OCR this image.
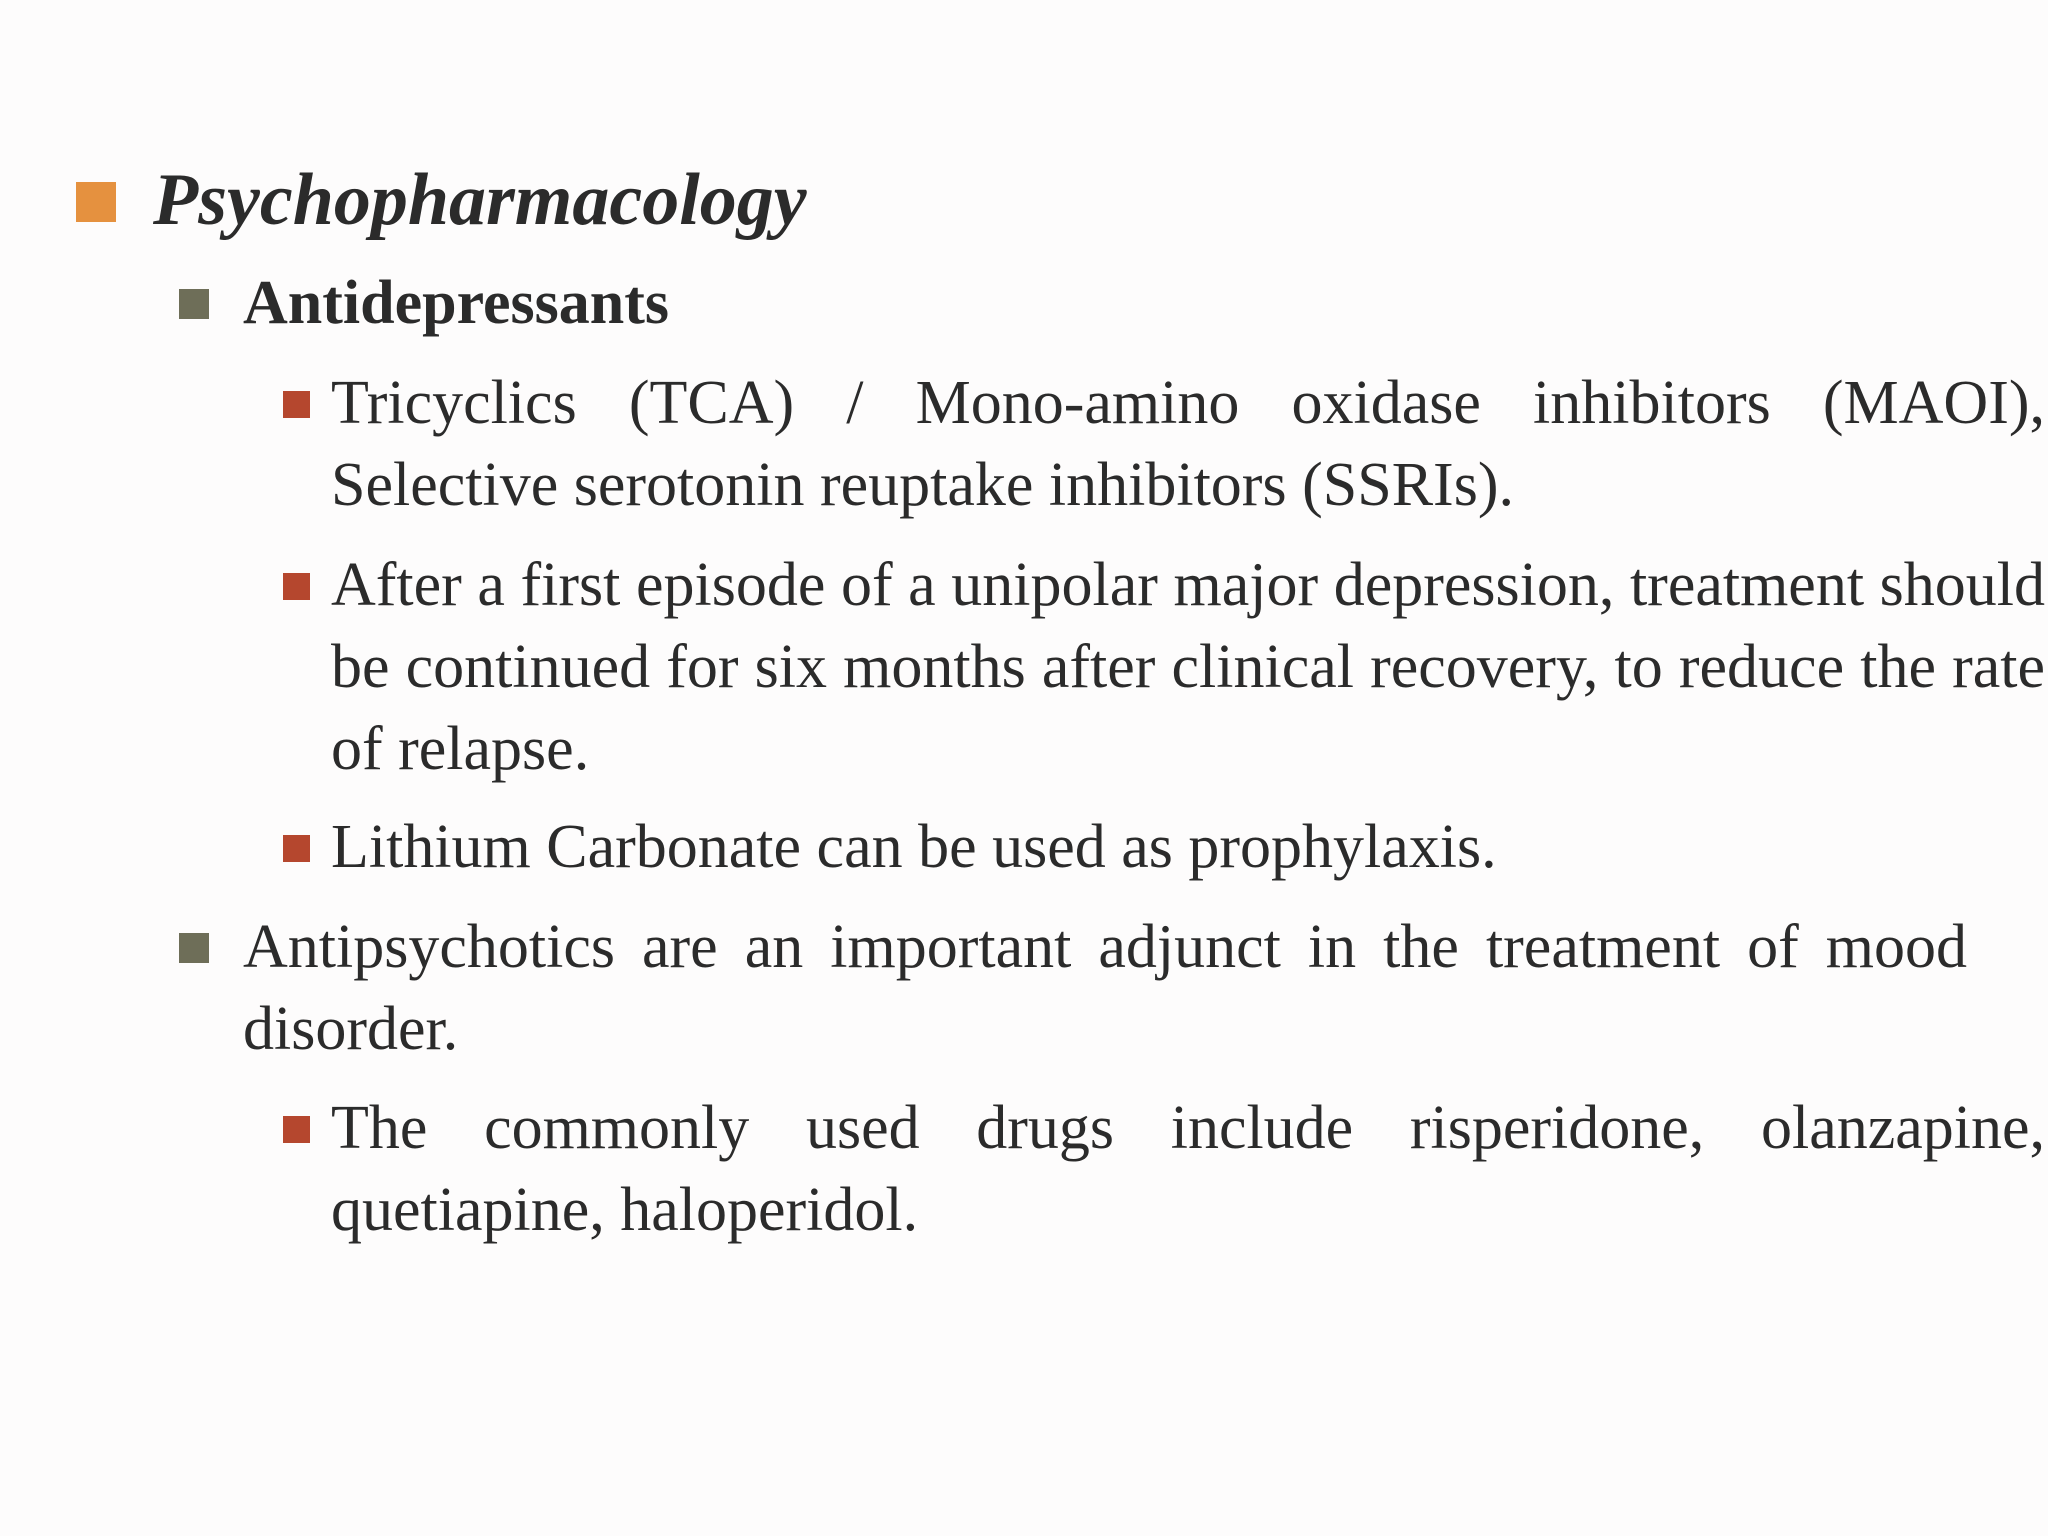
Psychopharmacology
Antidepressants
Tricyclics (TCA) / Mono-amino oxidase inhibitors (MAOI), Selective serotonin reuptake inhibitors (SSRIs).
After a first episode of a unipolar major depression, treatment should be continued for six months after clinical recovery, to reduce the rate of relapse.
Lithium Carbonate can be used as prophylaxis.
Antipsychotics are an important adjunct in the treatment of mood disorder.
The commonly used drugs include risperidone, olanzapine, quetiapine, haloperidol.
